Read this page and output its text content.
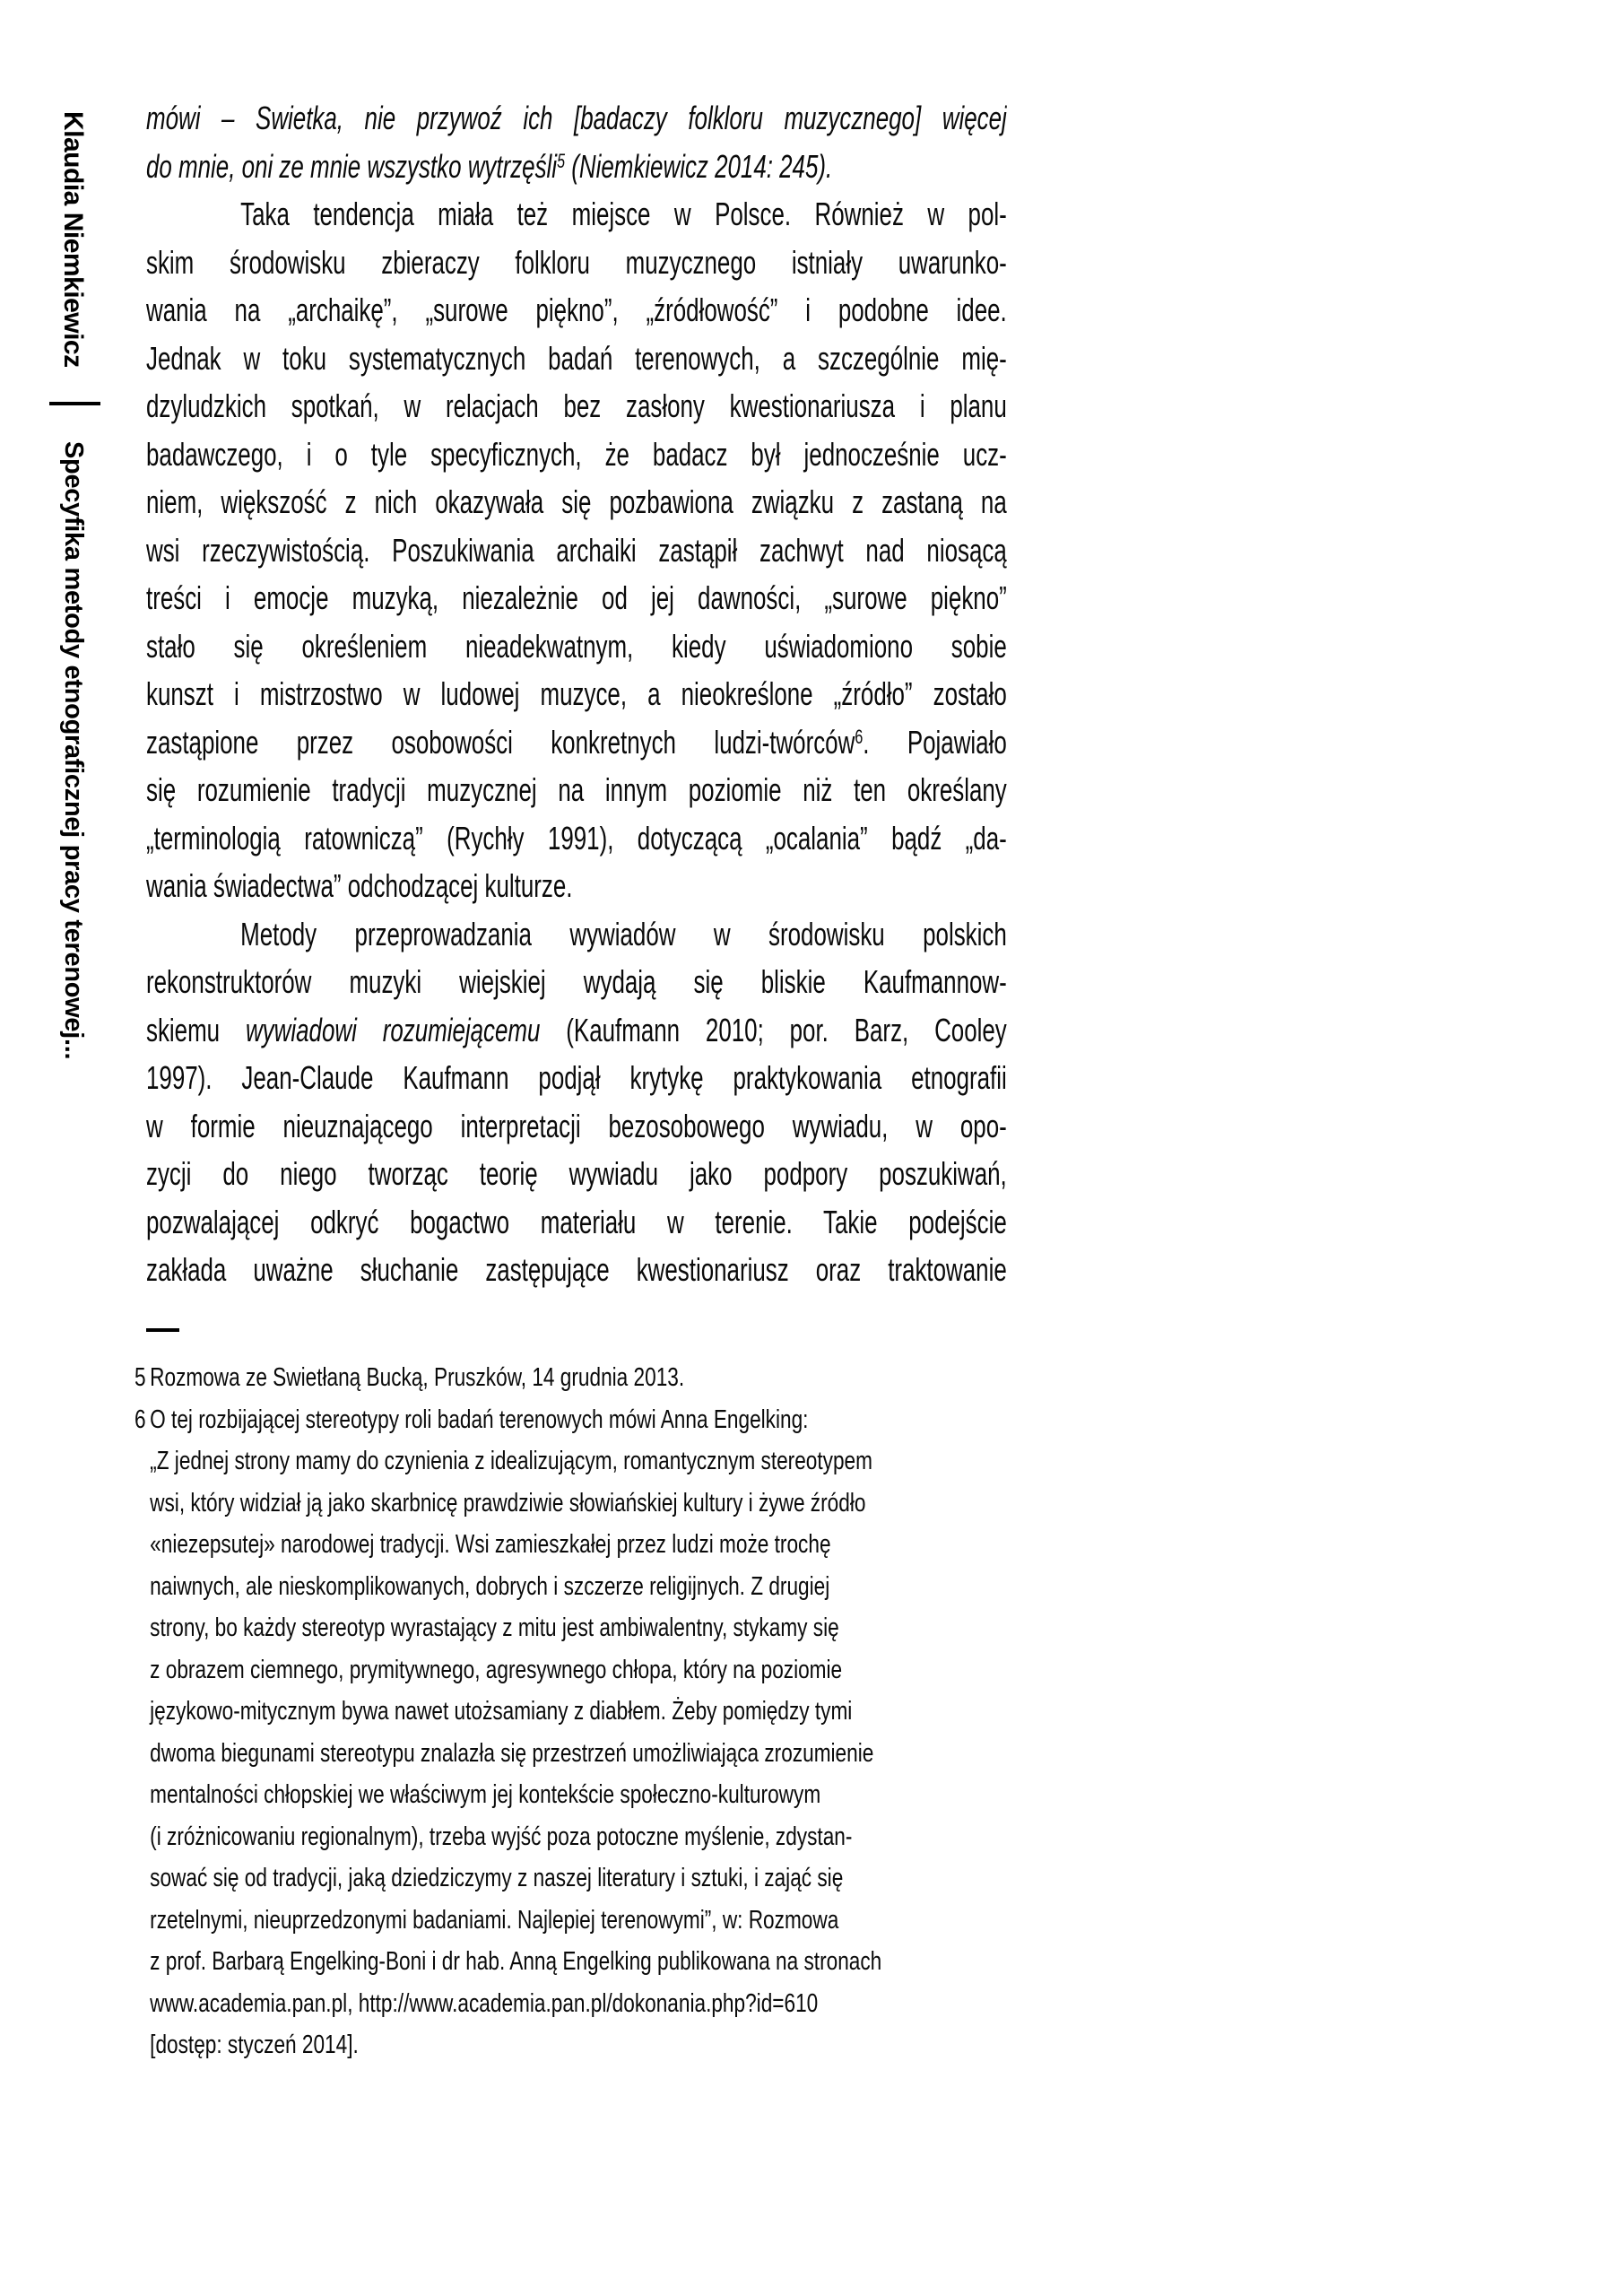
Klaudia Niemkiewicz
Specyfika metody etnograficznej pracy terenowej...
mówi – Swietka, nie przywoź ich [badaczy folkloru muzycznego] więcej
do mnie, oni ze mnie wszystko wytrzęśli$^5$ (Niemkiewicz 2014: 245).
Taka tendencja miała też miejsce w Polsce. Również w pol-
skim środowisku zbieraczy folkloru muzycznego istniały uwarunko-
wania na „archaikę”, „surowe piękno”, „źródłowość” i podobne idee.
Jednak w toku systematycznych badań terenowych, a szczególnie mię-
dzyludzkich spotkań, w relacjach bez zasłony kwestionariusza i planu
badawczego, i o tyle specyficznych, że badacz był jednocześnie ucz-
niem, większość z nich okazywała się pozbawiona związku z zastaną na
wsi rzeczywistością. Poszukiwania archaiki zastąpił zachwyt nad niosącą
treści i emocje muzyką, niezależnie od jej dawności, „surowe piękno”
stało się określeniem nieadekwatnym, kiedy uświadomiono sobie
kunszt i mistrzostwo w ludowej muzyce, a nieokreślone „źródło” zostało
zastąpione przez osobowości konkretnych ludzi-twórców$^6$. Pojawiało
się rozumienie tradycji muzycznej na innym poziomie niż ten określany
„terminologią ratowniczą” (Rychły 1991), dotyczącą „ocalania” bądź „da-
wania świadectwa” odchodzącej kulturze.
Metody przeprowadzania wywiadów w środowisku polskich
rekonstruktorów muzyki wiejskiej wydają się bliskie Kaufmannow-
skiemu wywiadowi rozumiejącemu (Kaufmann 2010; por. Barz, Cooley
1997). Jean-Claude Kaufmann podjął krytykę praktykowania etnografii
w formie nieuznającego interpretacji bezosobowego wywiadu, w opo-
zycji do niego tworząc teorię wywiadu jako podpory poszukiwań,
pozwalającej odkryć bogactwo materiału w terenie. Takie podejście
zakłada uważne słuchanie zastępujące kwestionariusz oraz traktowanie
5 Rozmowa ze Swietłaną Bucką, Pruszków, 14 grudnia 2013.
6 O tej rozbijającej stereotypy roli badań terenowych mówi Anna Engelking:
„Z jednej strony mamy do czynienia z idealizującym, romantycznym stereotypem
wsi, który widział ją jako skarbnicę prawdziwie słowiańskiej kultury i żywe źródło
«niezepsutej» narodowej tradycji. Wsi zamieszkałej przez ludzi może trochę
naiwnych, ale nieskomplikowanych, dobrych i szczerze religijnych. Z drugiej
strony, bo każdy stereotyp wyrastający z mitu jest ambiwalentny, stykamy się
z obrazem ciemnego, prymitywnego, agresywnego chłopa, który na poziomie
językowo-mitycznym bywa nawet utożsamiany z diabłem. Żeby pomiędzy tymi
dwoma biegunami stereotypu znalazła się przestrzeń umożliwiająca zrozumienie
mentalności chłopskiej we właściwym jej kontekście społeczno-kulturowym
(i zróżnicowaniu regionalnym), trzeba wyjść poza potoczne myślenie, zdystan-
sować się od tradycji, jaką dziedziczymy z naszej literatury i sztuki, i zająć się
rzetelnymi, nieuprzedzonymi badaniami. Najlepiej terenowymi”, w: Rozmowa
z prof. Barbarą Engelking-Boni i dr hab. Anną Engelking publikowana na stronach
www.academia.pan.pl, http://www.academia.pan.pl/dokonania.php?id=610
[dostęp: styczeń 2014].
